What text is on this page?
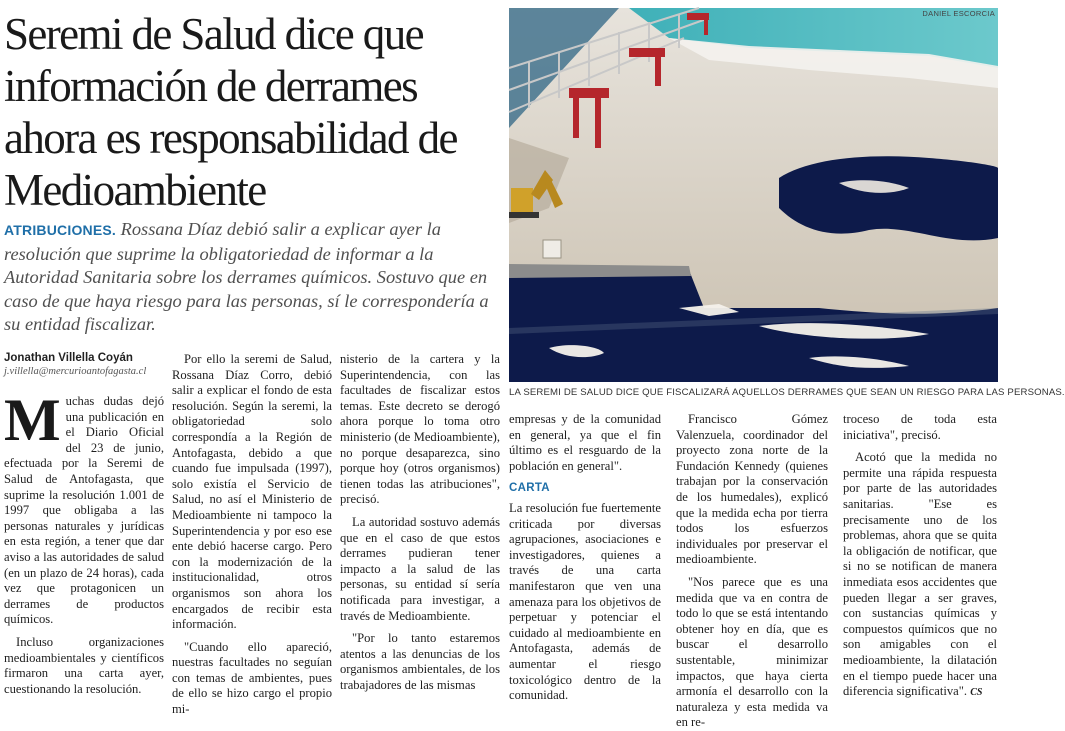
Seremi de Salud dice que información de derrames ahora es responsabilidad de Medioambiente
ATRIBUCIONES. Rossana Díaz debió salir a explicar ayer la resolución que suprime la obligatoriedad de informar a la Autoridad Sanitaria sobre los derrames químicos. Sostuvo que en caso de que haya riesgo para las personas, sí le correspondería a su entidad fiscalizar.
Jonathan Villella Coyán
j.villella@mercurioantofagasta.cl

Muchas dudas dejó una publicación en el Diario Oficial del 23 de junio, efectuada por la Seremi de Salud de Antofagasta, que suprime la resolución 1.001 de 1997 que obligaba a las personas naturales y jurídicas en esta región, a tener que dar aviso a las autoridades de salud (en un plazo de 24 horas), cada vez que protagonicen un derrames de productos químicos.

Incluso organizaciones medioambientales y científicos firmaron una carta ayer, cuestionando la resolución.

Por ello la seremi de Salud, Rossana Díaz Corro, debió salir a explicar el fondo de esta resolución. Según la seremi, la obligatoriedad solo correspondía a la Región de Antofagasta, debido a que cuando fue impulsada (1997), solo existía el Servicio de Salud, no así el Ministerio de Medioambiente ni tampoco la Superintendencia y por eso ese ente debió hacerse cargo. Pero con la modernización de la institucionalidad, otros organismos son ahora los encargados de recibir esta información.

"Cuando ello apareció, nuestras facultades no seguían con temas de ambientes, pues de ello se hizo cargo el propio mi-

nisterio de la cartera y la Superintendencia, con las facultades de fiscalizar estos temas. Este decreto se derogó ahora porque lo toma otro ministerio (de Medioambiente), no porque desaparezca, sino porque hoy (otros organismos) tienen todas las atribuciones", precisó.

La autoridad sostuvo además que en el caso de que estos derrames pudieran tener impacto a la salud de las personas, su entidad sí sería notificada para investigar, a través de Medioambiente.

"Por lo tanto estaremos atentos a las denuncias de los organismos ambientales, de los trabajadores de las mismas

DANIEL ESCORCIA
LA SEREMI DE SALUD DICE QUE FISCALIZARÁ AQUELLOS DERRAMES QUE SEAN UN RIESGO PARA LAS PERSONAS.

empresas y de la comunidad en general, ya que el fin último es el resguardo de la población en general".

CARTA

La resolución fue fuertemente criticada por diversas agrupaciones, asociaciones e investigadores, quienes a través de una carta manifestaron que ven una amenaza para los objetivos de perpetuar y potenciar el cuidado al medioambiente en Antofagasta, además de aumentar el riesgo toxicológico dentro de la comunidad.

Francisco Gómez Valenzuela, coordinador del proyecto zona norte de la Fundación Kennedy (quienes trabajan por la conservación de los humedales), explicó que la medida echa por tierra todos los esfuerzos individuales por preservar el medioambiente.

"Nos parece que es una medida que va en contra de todo lo que se está intentando obtener hoy en día, que es buscar el desarrollo sustentable, minimizar impactos, que haya cierta armonía el desarrollo con la naturaleza y esta medida va en re-

troceso de toda esta iniciativa", precisó.

Acotó que la medida no permite una rápida respuesta por parte de las autoridades sanitarias. "Ese es precisamente uno de los problemas, ahora que se quita la obligación de notificar, que si no se notifican de manera inmediata esos accidentes que pueden llegar a ser graves, con sustancias químicas y compuestos químicos que no son amigables con el medioambiente, la dilatación en el tiempo puede hacer una diferencia significativa". CS
